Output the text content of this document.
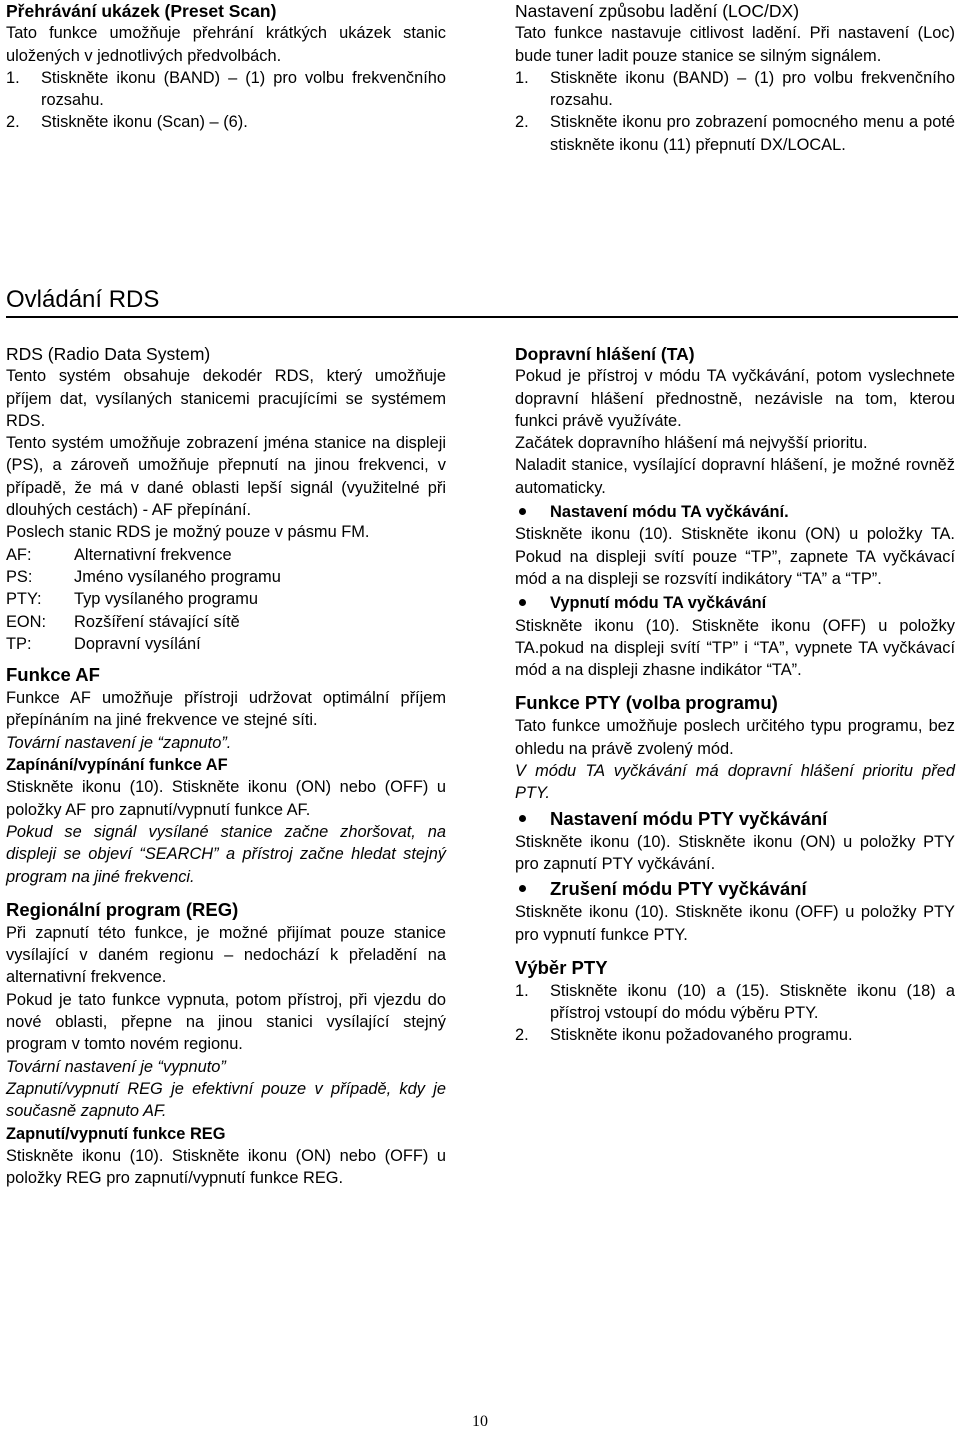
Přehrávání ukázek (Preset Scan)

Tato funkce umožňuje přehrání krátkých ukázek stanic uložených v jednotlivých předvolbách.

1.	Stiskněte ikonu (BAND) – (1) pro volbu frekvenčního rozsahu.
2.	Stiskněte ikonu (Scan) – (6).

Nastavení způsobu ladění (LOC/DX)

Tato funkce nastavuje citlivost ladění. Při nastavení (Loc) bude tuner ladit pouze stanice se silným signálem.

1.	Stiskněte ikonu (BAND) – (1) pro volbu frekvenčního rozsahu.
2.	Stiskněte ikonu pro zobrazení pomocného menu a poté stiskněte ikonu (11) přepnutí DX/LOCAL.
Ovládání RDS

RDS (Radio Data System)

Tento systém obsahuje dekodér RDS, který umožňuje příjem dat, vysílaných stanicemi pracujícími se systémem RDS.

Tento systém umožňuje zobrazení jména stanice na displeji (PS), a zároveň umožňuje přepnutí na jinou frekvenci, v případě, že má v dané oblasti lepší signál (využitelné při dlouhých cestách) - AF přepínání.

Poslech stanic RDS je možný pouze v pásmu FM.

AF:	Alternativní frekvence
PS:	Jméno vysílaného programu
PTY:	Typ vysílaného programu
EON:	Rozšíření stávající sítě
TP:	Dopravní vysílání

Funkce AF

Funkce AF umožňuje přístroji udržovat optimální příjem přepínáním na jiné frekvence ve stejné síti.

Tovární nastavení je “zapnuto”.

Zapínání/vypínání funkce AF

Stiskněte ikonu (10). Stiskněte ikonu (ON) nebo (OFF) u položky AF pro zapnutí/vypnutí funkce AF.

Pokud se signál vysílané stanice začne zhoršovat, na displeji se objeví “SEARCH” a přístroj začne hledat stejný program na jiné frekvenci.

Regionální program (REG)

Při zapnutí této funkce, je možné přijímat pouze stanice vysílající v daném regionu – nedochází k přeladění na alternativní frekvence.

Pokud je tato funkce vypnuta, potom přístroj, při vjezdu do nové oblasti, přepne na jinou stanici vysílající stejný program v tomto novém regionu.

Tovární nastavení je “vypnuto”

Zapnutí/vypnutí REG je efektivní pouze v případě, kdy je současně zapnuto AF.

Zapnutí/vypnutí funkce REG

Stiskněte ikonu (10). Stiskněte ikonu (ON) nebo (OFF) u položky REG pro zapnutí/vypnutí funkce REG.

Dopravní hlášení (TA)

Pokud je přístroj v módu TA vyčkávání, potom vyslechnete dopravní hlášení přednostně, nezávisle na tom, kterou funkci právě využíváte.

Začátek dopravního hlášení má nejvyšší prioritu.

Naladit stanice, vysílající dopravní hlášení, je možné rovněž automaticky.

Nastavení módu TA vyčkávání.

Stiskněte ikonu (10). Stiskněte ikonu (ON) u položky TA. Pokud na displeji svítí pouze “TP”, zapnete TA vyčkávací mód a na displeji se rozsvítí indikátory “TA” a “TP”.

Vypnutí módu TA vyčkávání

Stiskněte ikonu (10). Stiskněte ikonu (OFF) u položky TA.pokud na displeji svítí “TP” i “TA”, vypnete TA vyčkávací mód a na displeji zhasne indikátor “TA”.

Funkce PTY (volba programu)

Tato funkce umožňuje poslech určitého typu programu, bez ohledu na právě zvolený mód.

V módu TA vyčkávání má dopravní hlášení prioritu před PTY.

Nastavení módu PTY vyčkávání

Stiskněte ikonu (10). Stiskněte ikonu (ON) u položky PTY pro zapnutí PTY vyčkávání.

Zrušení módu PTY vyčkávání

Stiskněte ikonu (10). Stiskněte ikonu (OFF) u položky PTY pro vypnutí funkce PTY.

Výběr PTY

1.	Stiskněte ikonu (10) a (15). Stiskněte ikonu (18) a přístroj vstoupí do módu výběru PTY.
2.	Stiskněte ikonu požadovaného programu.
10
